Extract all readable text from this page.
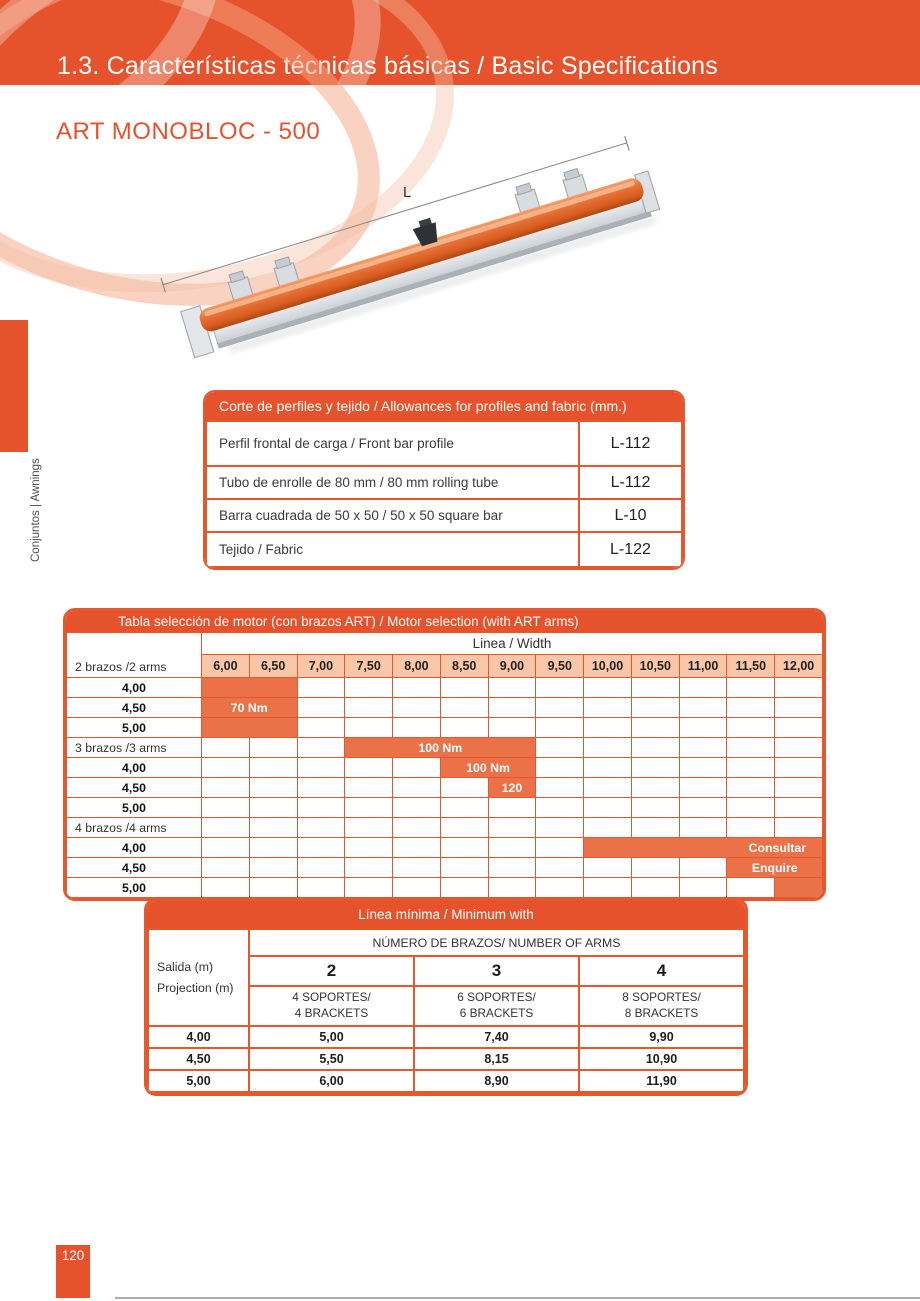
1.3. Características técnicas básicas / Basic Specifications
ART MONOBLOC - 500
Conjuntos | Awnings
L
Corte de perfiles y tejido / Allowances for profiles and fabric (mm.)
Perfil frontal de carga / Front bar profile	L-112
Tubo de enrolle de 80 mm / 80 mm rolling tube	L-112
Barra cuadrada de 50 x 50 / 50 x 50 square bar	L-10
Tejido / Fabric	L-122
Tabla selección de motor (con brazos ART) / Motor selection (with ART arms)
2 brazos /2 arms	Linea / Width												
	6,00	6,50	7,00	7,50	8,00	8,50	9,00	9,50	10,00	10,50	11,00	11,50	12,00
4,00													
4,50	70 Nm												
5,00													
3 brazos /3 arms				100 Nm									
4,00						100 Nm							
4,50							120						
5,00													
4 brazos /4 arms													
4,00									Consultar				
4,50												Enquire	
5,00													
Línea mínima / Minimum with
Salida (m)
Projection (m)	NÚMERO DE BRAZOS/ NUMBER OF ARMS		
	2	3	4

4 SOPORTES/
4 BRACKETS

6 SOPORTES/
6 BRACKETS

8 SOPORTES/
8 BRACKETS

4,00	5,00	7,40	9,90
4,50	5,50	8,15	10,90
5,00	6,00	8,90	11,90
120
